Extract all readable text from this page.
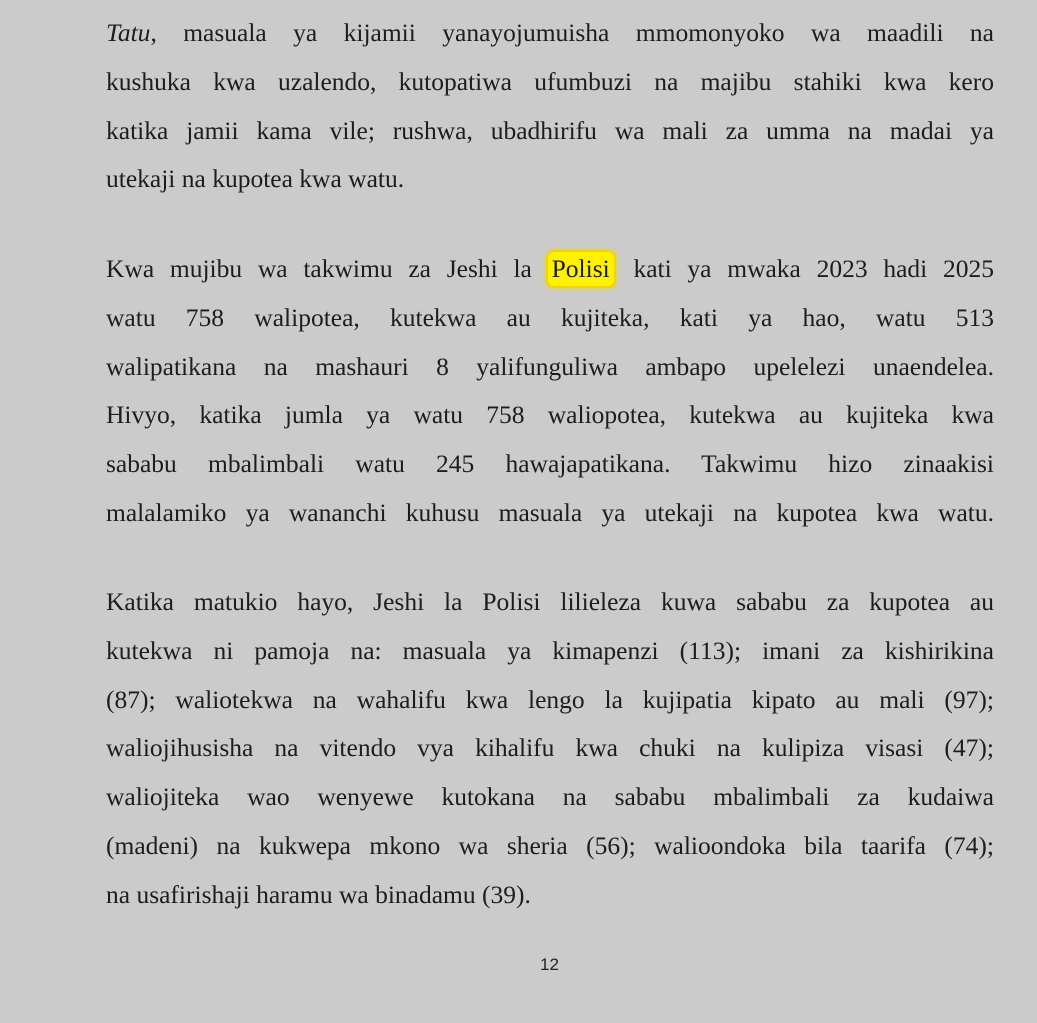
Tatu, masuala ya kijamii yanayojumuisha mmomonyoko wa maadili na
kushuka kwa uzalendo, kutopatiwa ufumbuzi na majibu stahiki kwa kero
katika jamii kama vile; rushwa, ubadhirifu wa mali za umma na madai ya
utekaji na kupotea kwa watu.
Kwa mujibu wa takwimu za Jeshi la Polisi kati ya mwaka 2023 hadi 2025
watu 758 walipotea, kutekwa au kujiteka, kati ya hao, watu 513
walipatikana na mashauri 8 yalifunguliwa ambapo upelelezi unaendelea.
Hivyo, katika jumla ya watu 758 waliopotea, kutekwa au kujiteka kwa
sababu mbalimbali watu 245 hawajapatikana. Takwimu hizo zinaakisi
malalamiko ya wananchi kuhusu masuala ya utekaji na kupotea kwa watu.
Katika matukio hayo, Jeshi la Polisi lilieleza kuwa sababu za kupotea au
kutekwa ni pamoja na: masuala ya kimapenzi (113); imani za kishirikina
(87); waliotekwa na wahalifu kwa lengo la kujipatia kipato au mali (97);
waliojihusisha na vitendo vya kihalifu kwa chuki na kulipiza visasi (47);
waliojiteka wao wenyewe kutokana na sababu mbalimbali za kudaiwa
(madeni) na kukwepa mkono wa sheria (56); walioondoka bila taarifa (74);
na usafirishaji haramu wa binadamu (39).
12
